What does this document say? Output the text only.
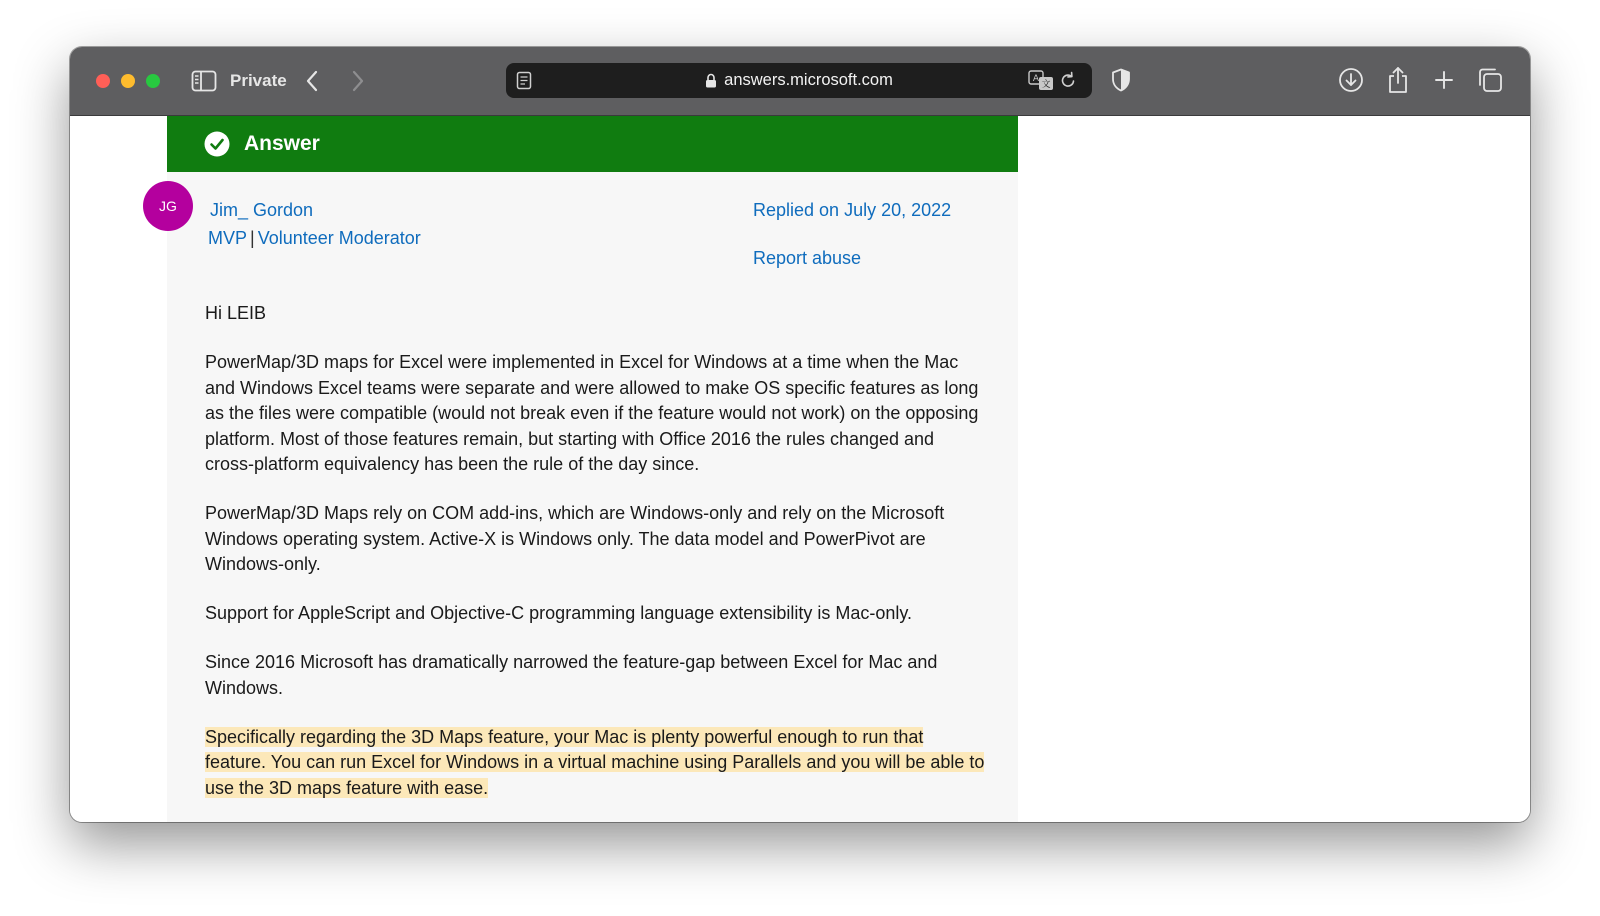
Private	answers.microsoft.com	A
文
Answer
JG Jim_ Gordon
MVP | Volunteer Moderator
Replied on July 20, 2022
Report abuse

Hi LEIB

PowerMap/3D maps for Excel were implemented in Excel for Windows at a time when the Mac and Windows Excel teams were separate and were allowed to make OS specific features as long as the files were compatible (would not break even if the feature would not work) on the opposing platform. Most of those features remain, but starting with Office 2016 the rules changed and cross-platform equivalency has been the rule of the day since.

PowerMap/3D Maps rely on COM add-ins, which are Windows-only and rely on the Microsoft Windows operating system. Active-X is Windows only. The data model and PowerPivot are Windows-only.

Support for AppleScript and Objective-C programming language extensibility is Mac-only.

Since 2016 Microsoft has dramatically narrowed the feature-gap between Excel for Mac and Windows.

Specifically regarding the 3D Maps feature, your Mac is plenty powerful enough to run that feature. You can run Excel for Windows in a virtual machine using Parallels and you will be able to use the 3D maps feature with ease.
